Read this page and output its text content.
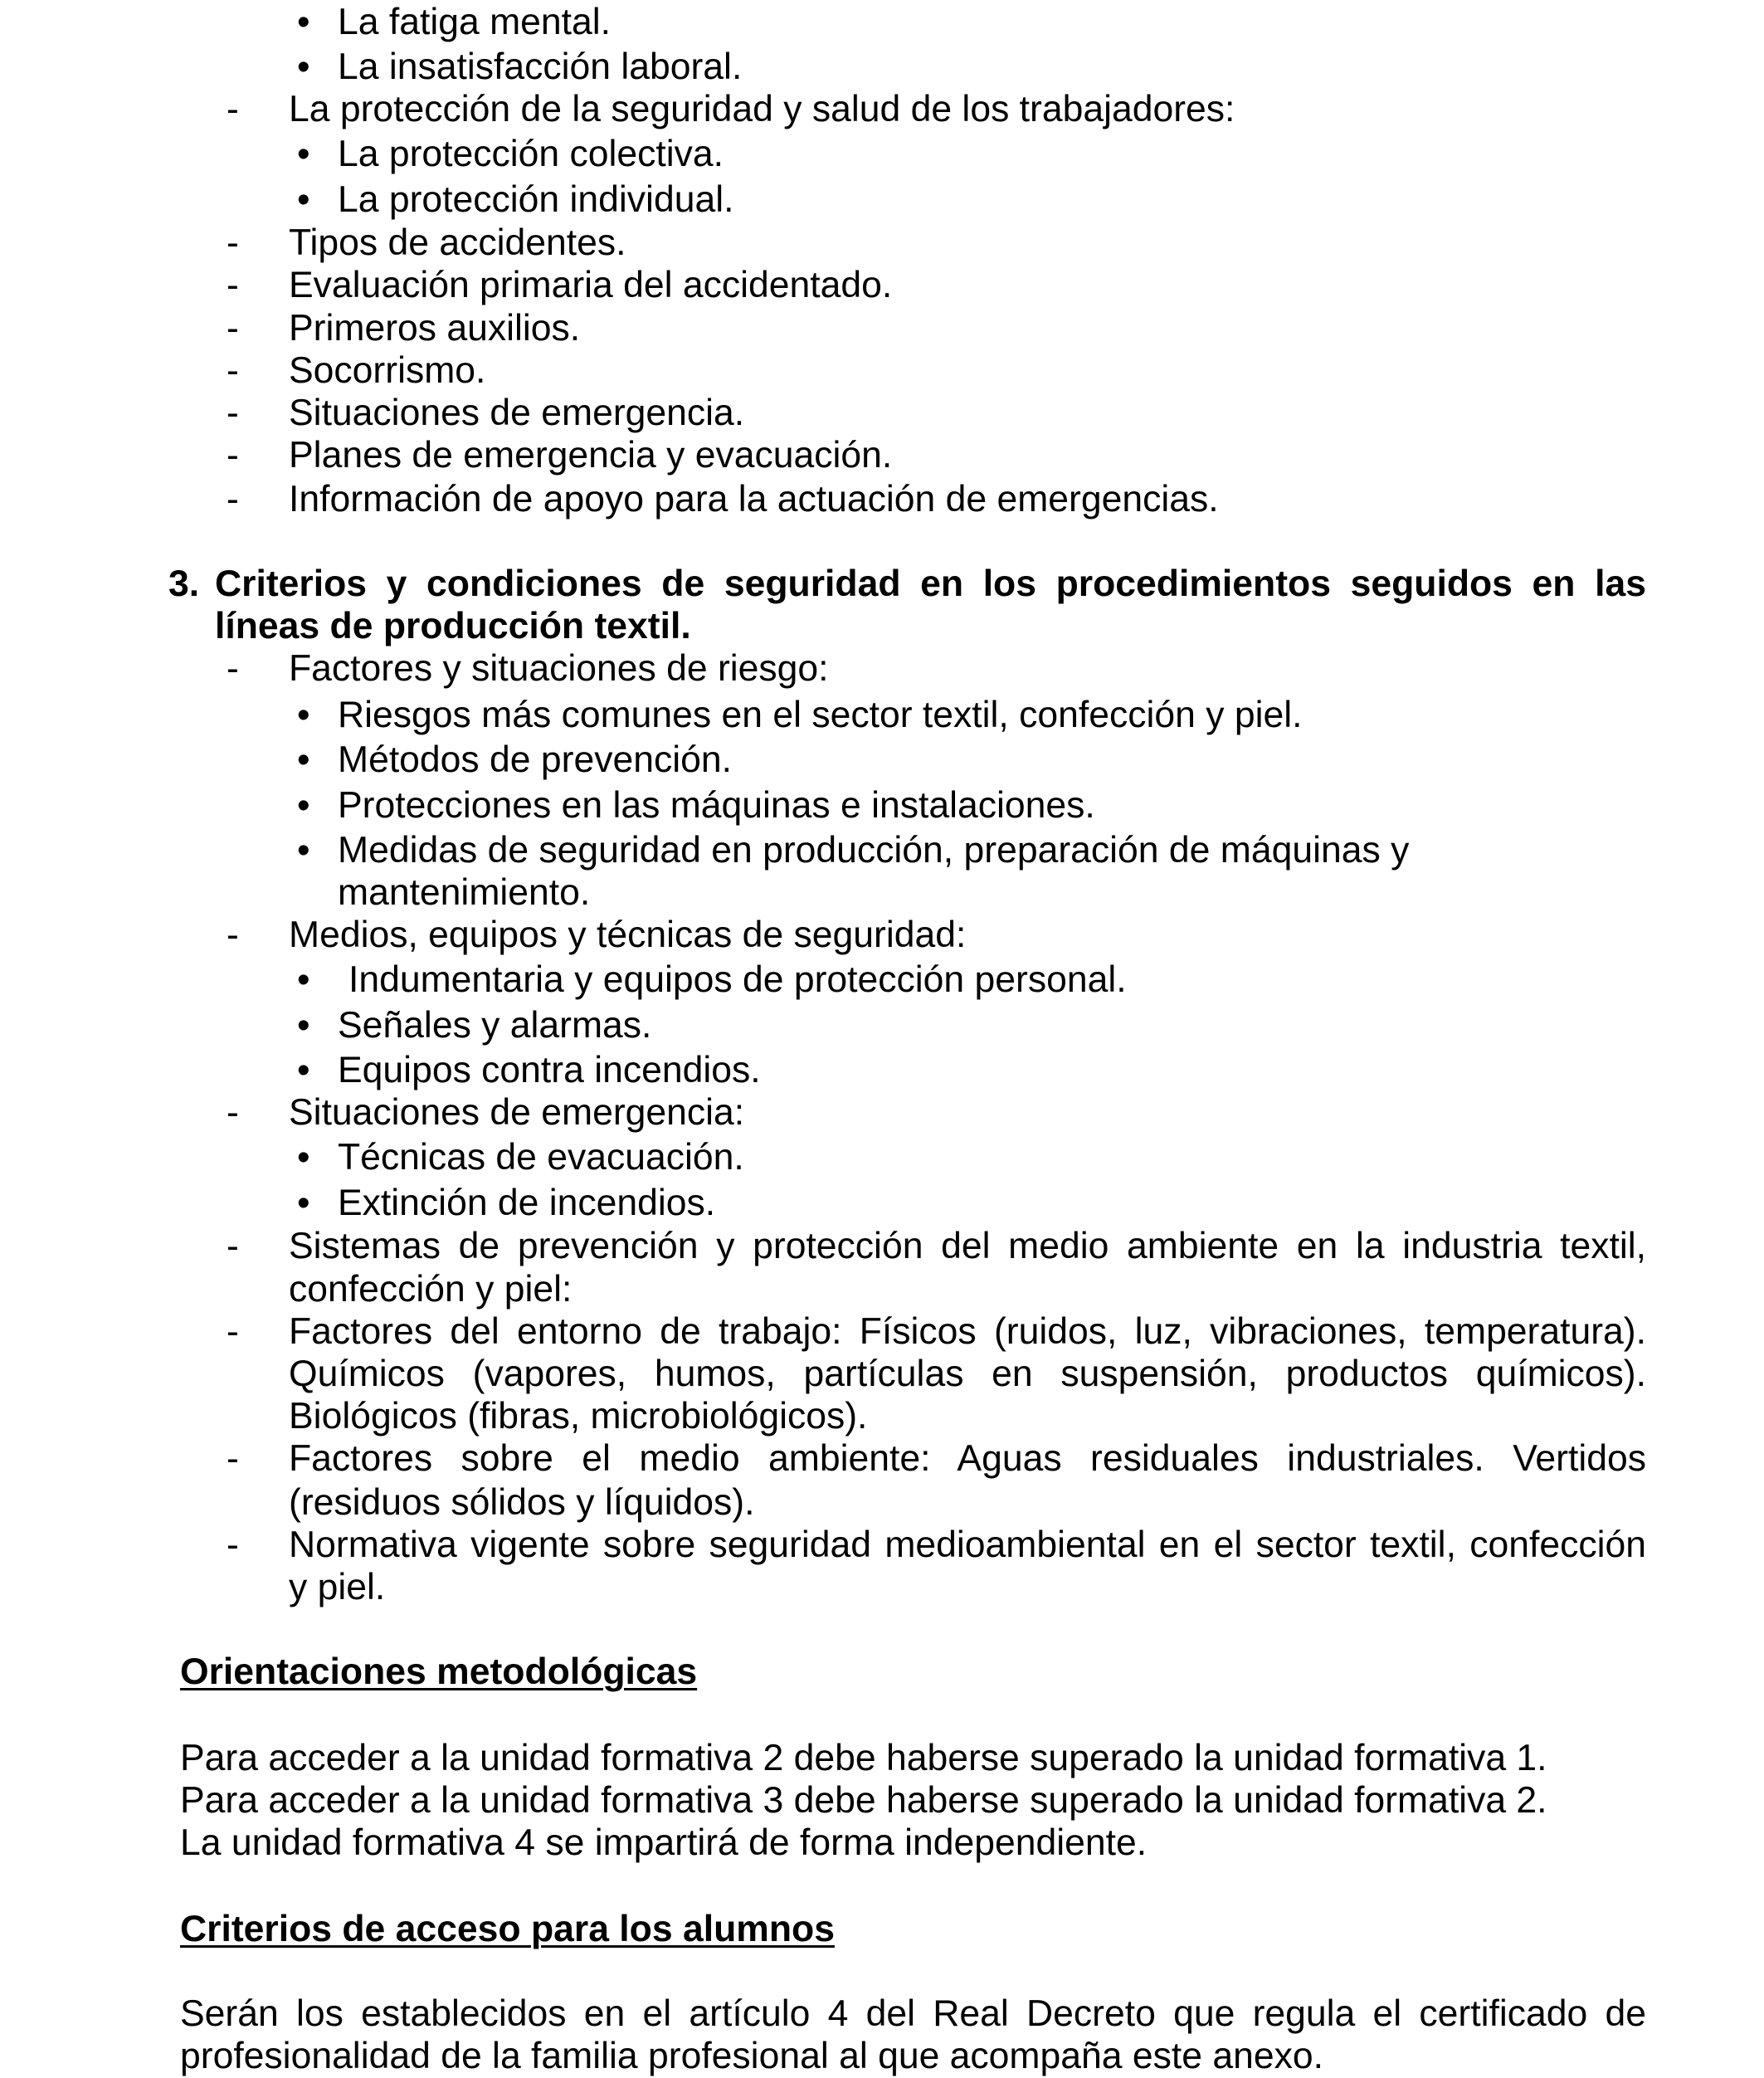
• La fatiga mental.
• La insatisfacción laboral.
- La protección de la seguridad y salud de los trabajadores:
• La protección colectiva.
• La protección individual.
- Tipos de accidentes.
- Evaluación primaria del accidentado.
- Primeros auxilios.
- Socorrismo.
- Situaciones de emergencia.
- Planes de emergencia y evacuación.
- Información de apoyo para la actuación de emergencias.
3. Criterios y condiciones de seguridad en los procedimientos seguidos en las
líneas de producción textil.
- Factores y situaciones de riesgo:
• Riesgos más comunes en el sector textil, confección y piel.
• Métodos de prevención.
• Protecciones en las máquinas e instalaciones.
• Medidas de seguridad en producción, preparación de máquinas y
mantenimiento.
- Medios, equipos y técnicas de seguridad:
• Indumentaria y equipos de protección personal.
• Señales y alarmas.
• Equipos contra incendios.
- Situaciones de emergencia:
• Técnicas de evacuación.
• Extinción de incendios.
- Sistemas de prevención y protección del medio ambiente en la industria textil,
confección y piel:
- Factores del entorno de trabajo: Físicos (ruidos, luz, vibraciones, temperatura).
Químicos (vapores, humos, partículas en suspensión, productos químicos).
Biológicos (fibras, microbiológicos).
- Factores sobre el medio ambiente: Aguas residuales industriales. Vertidos
(residuos sólidos y líquidos).
- Normativa vigente sobre seguridad medioambiental en el sector textil, confección
y piel.
Orientaciones metodológicas
Para acceder a la unidad formativa 2 debe haberse superado la unidad formativa 1.
Para acceder a la unidad formativa 3 debe haberse superado la unidad formativa 2.
La unidad formativa 4 se impartirá de forma independiente.
Criterios de acceso para los alumnos
Serán los establecidos en el artículo 4 del Real Decreto que regula el certificado de
profesionalidad de la familia profesional al que acompaña este anexo.
